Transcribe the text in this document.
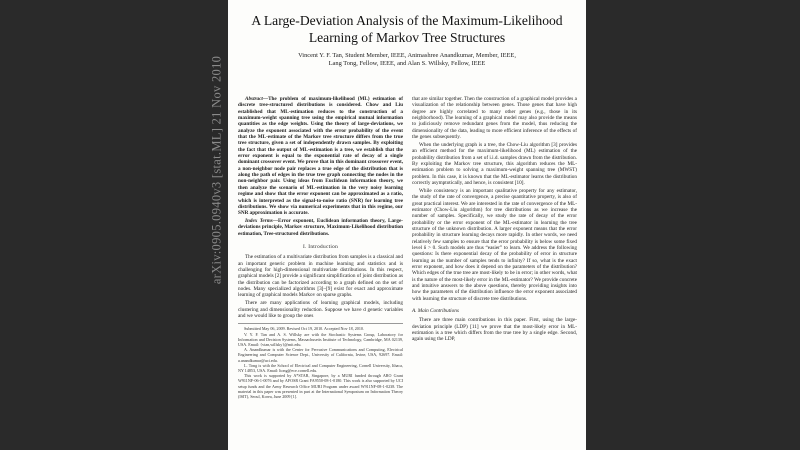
arXiv:0905.0940v3 [stat.ML] 21 Nov 2010
A Large-Deviation Analysis of the Maximum-Likelihood Learning of Markov Tree Structures
Vincent Y. F. Tan, Student Member, IEEE, Animashree Anandkumar, Member, IEEE,
Lang Tong, Fellow, IEEE, and Alan S. Willsky, Fellow, IEEE

Abstract—The problem of maximum-likelihood (ML) estimation of discrete tree-structured distributions is considered. Chow and Liu established that ML-estimation reduces to the construction of a maximum-weight spanning tree using the empirical mutual information quantities as the edge weights. Using the theory of large-deviations, we analyze the exponent associated with the error probability of the event that the ML-estimate of the Markov tree structure differs from the true tree structure, given a set of independently drawn samples. By exploiting the fact that the output of ML-estimation is a tree, we establish that the error exponent is equal to the exponential rate of decay of a single dominant crossover event. We prove that in this dominant crossover event, a non-neighbor node pair replaces a true edge of the distribution that is along the path of edges in the true tree graph connecting the nodes in the non-neighbor pair. Using ideas from Euclidean information theory, we then analyze the scenario of ML-estimation in the very noisy learning regime and show that the error exponent can be approximated as a ratio, which is interpreted as the signal-to-noise ratio (SNR) for learning tree distributions. We show via numerical experiments that in this regime, our SNR approximation is accurate.

Index Terms—Error exponent, Euclidean information theory, Large-deviations principle, Markov structure, Maximum-Likelihood distribution estimation, Tree-structured distributions.

I. Introduction

The estimation of a multivariate distribution from samples is a classical and an important generic problem in machine learning and statistics and is challenging for high-dimensional multivariate distributions. In this respect, graphical models [2] provide a significant simplification of joint distribution as the distribution can be factorized according to a graph defined on the set of nodes. Many specialized algorithms [3]–[9] exist for exact and approximate learning of graphical models Markov on sparse graphs.

There are many applications of learning graphical models, including clustering and dimensionality reduction. Suppose we have d genetic variables and we would like to group the ones

Submitted May 06, 2009. Revised Oct 19, 2010. Accepted Nov 18, 2010.

V. Y. F. Tan and A. S. Willsky are with the Stochastic Systems Group, Laboratory for Information and Decision Systems, Massachusetts Institute of Technology, Cambridge, MA 02139, USA. Email: {vtan,willsky}@mit.edu.

A. Anandkumar is with the Center for Pervasive Communications and Computing, Electrical Engineering and Computer Science Dept., University of California, Irvine, USA, 92697. Email: a.anandkumar@uci.edu.

L. Tong is with the School of Electrical and Computer Engineering, Cornell University, Ithaca, NY 14853, USA. Email: ltong@ece.cornell.edu.

This work is supported by A*STAR, Singapore, by a MURI funded through ARO Grant W911NF-06-1-0076 and by AFOSR Grant FA9550-08-1-0180. This work is also supported by UCI setup funds and the Army Research Office MURI Program under award W911NF-08-1-0238. The material in this paper was presented in part at the International Symposium on Information Theory (ISIT), Seoul, Korea, June 2009 [1].

that are similar together. Then the construction of a graphical model provides a visualization of the relationship between genes. Those genes that have high degree are highly correlated to many other genes (e.g., those in its neighborhood). The learning of a graphical model may also provide the means to judiciously remove redundant genes from the model, thus reducing the dimensionality of the data, leading to more efficient inference of the effects of the genes subsequently.

When the underlying graph is a tree, the Chow-Liu algorithm [3] provides an efficient method for the maximum-likelihood (ML) estimation of the probability distribution from a set of i.i.d. samples drawn from the distribution. By exploiting the Markov tree structure, this algorithm reduces the ML-estimation problem to solving a maximum-weight spanning tree (MWST) problem. In this case, it is known that the ML-estimator learns the distribution correctly asymptotically, and hence, is consistent [10].

While consistency is an important qualitative property for any estimator, the study of the rate of convergence, a precise quantitative property, is also of great practical interest. We are interested in the rate of convergence of the ML-estimator (Chow-Liu algorithm) for tree distributions as we increase the number of samples. Specifically, we study the rate of decay of the error probability or the error exponent of the ML-estimator in learning the tree structure of the unknown distribution. A larger exponent means that the error probability in structure learning decays more rapidly. In other words, we need relatively few samples to ensure that the error probability is below some fixed level δ > 0. Such models are thus “easier” to learn. We address the following questions: Is there exponential decay of the probability of error in structure learning as the number of samples tends to infinity? If so, what is the exact error exponent, and how does it depend on the parameters of the distribution? Which edges of the true tree are most-likely to be in error; in other words, what is the nature of the most-likely error in the ML-estimator? We provide concrete and intuitive answers to the above questions, thereby providing insights into how the parameters of the distribution influence the error exponent associated with learning the structure of discrete tree distributions.

A. Main Contributions

There are three main contributions in this paper. First, using the large-deviation principle (LDP) [11] we prove that the most-likely error in ML-estimation is a tree which differs from the true tree by a single edge. Second, again using the LDP,
